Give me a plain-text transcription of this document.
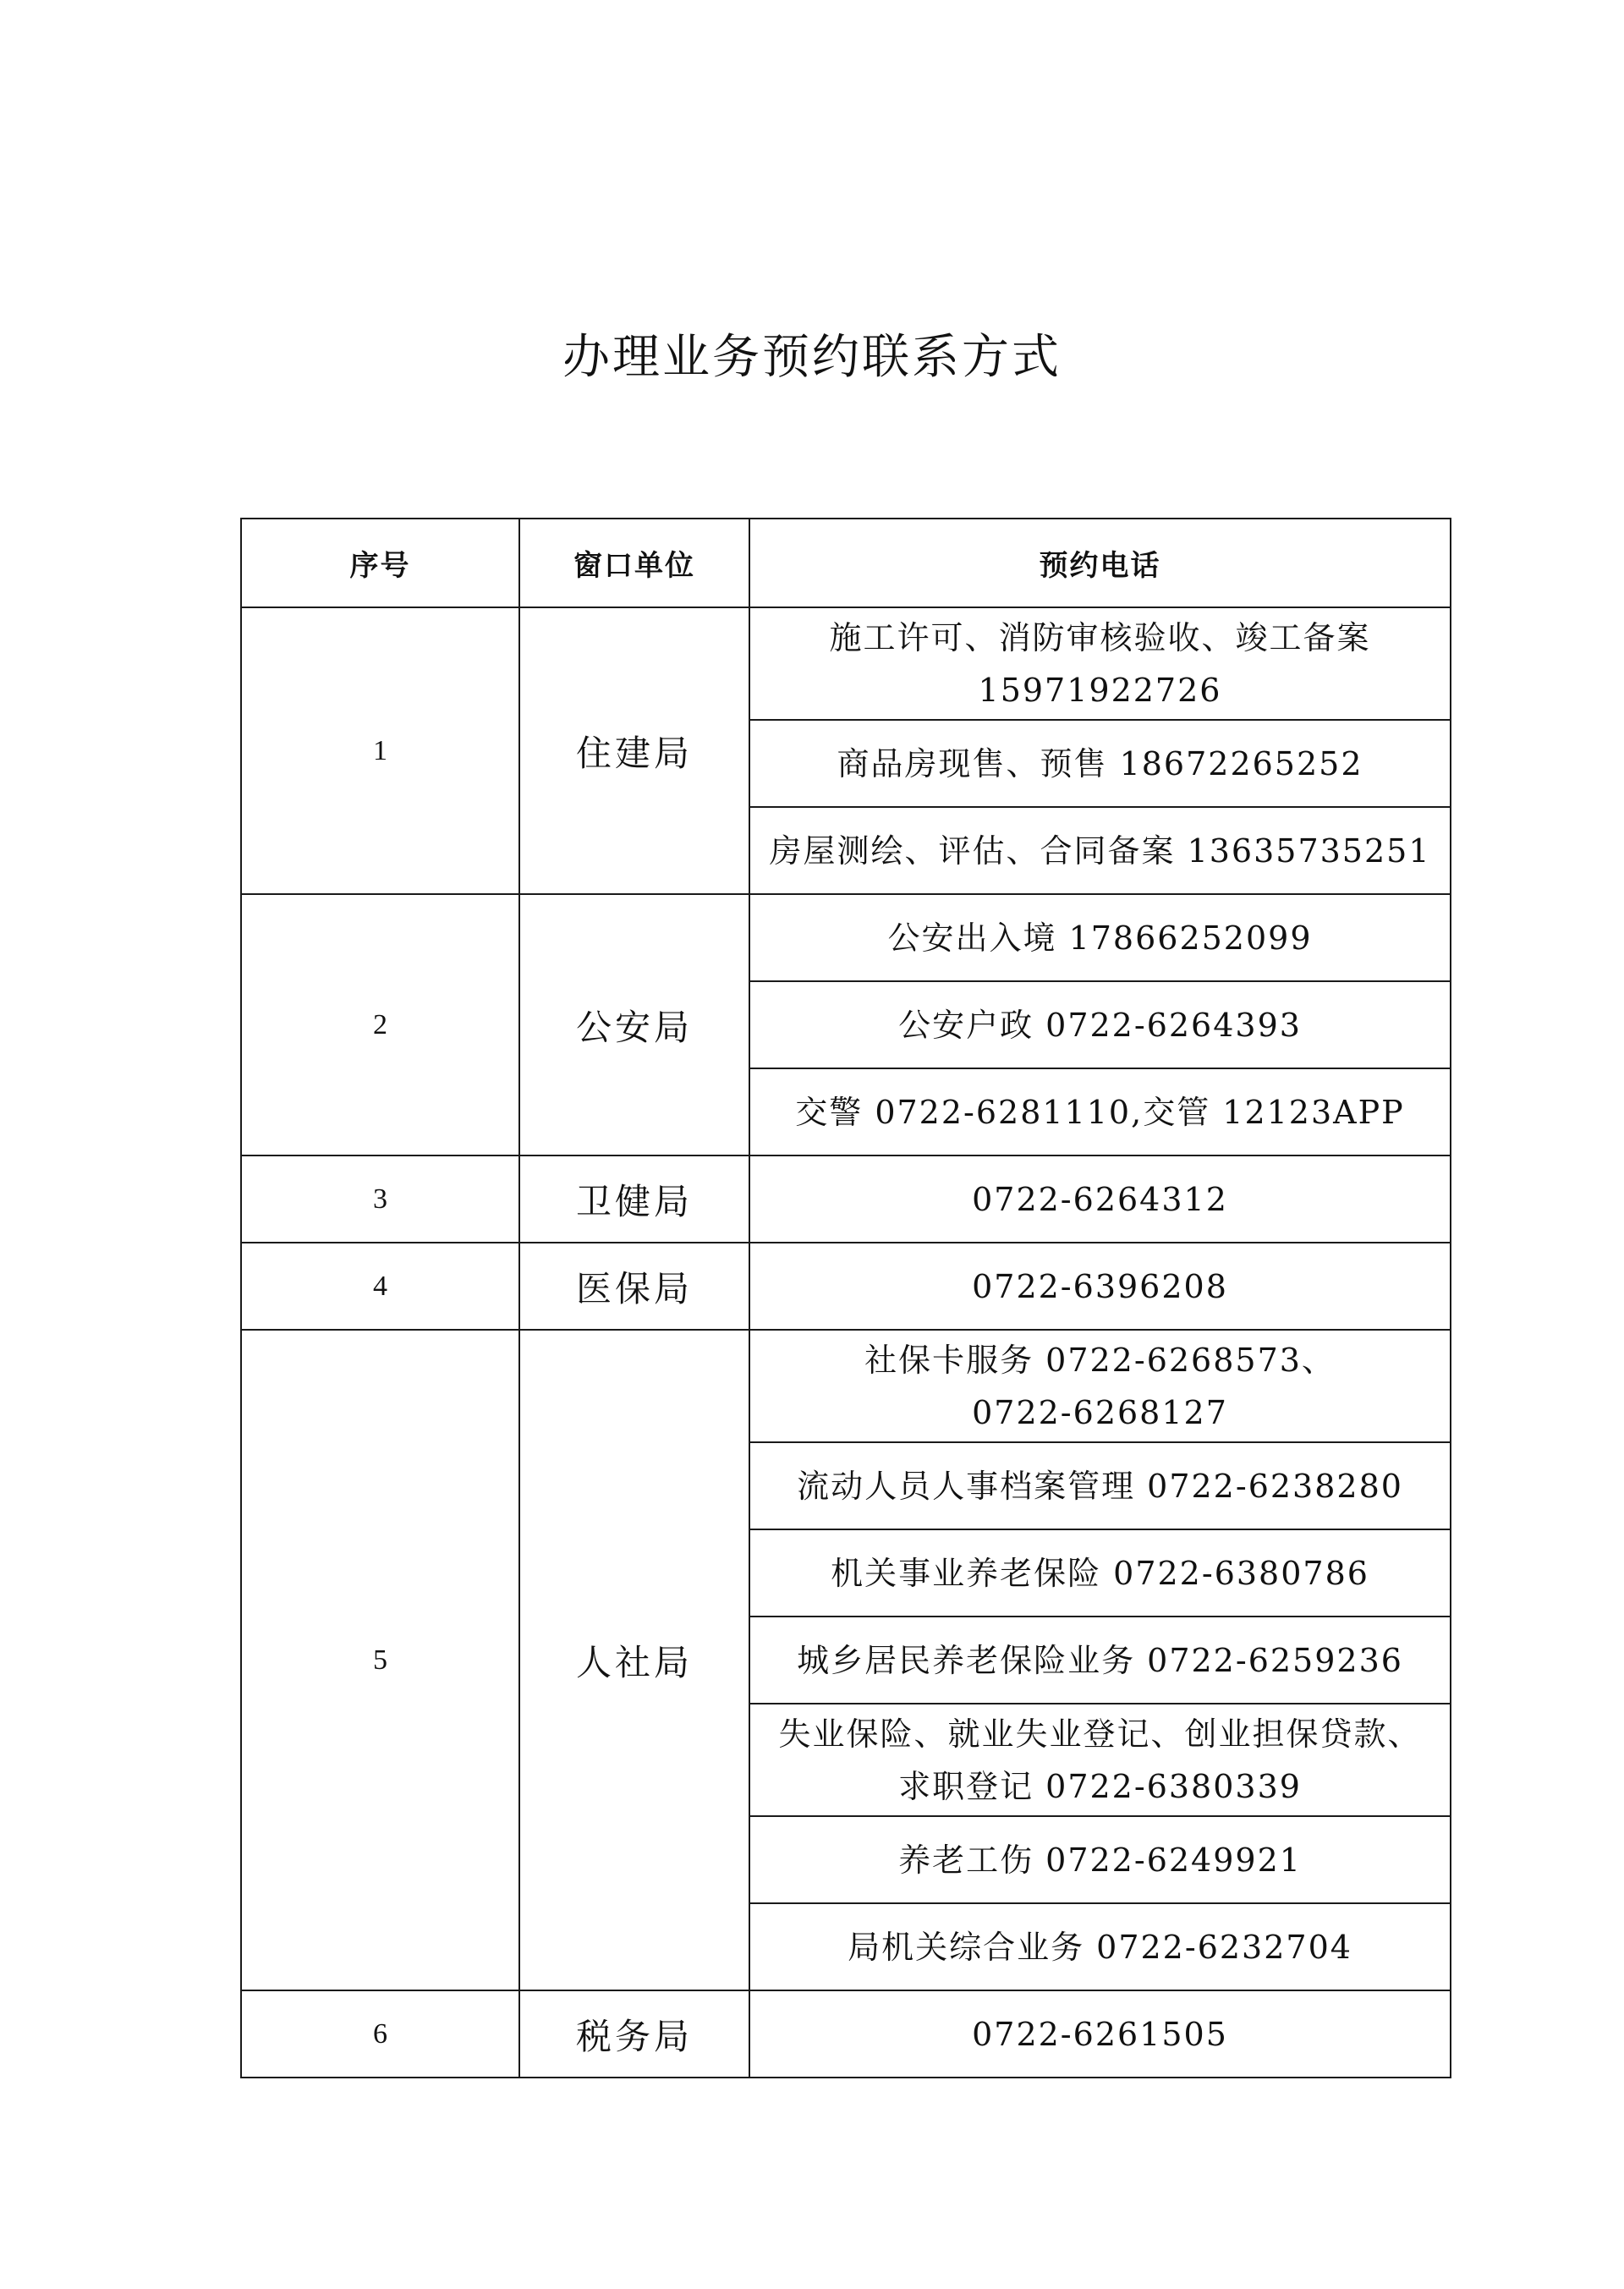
办理业务预约联系方式
序号	窗口单位	预约电话
1	住建局	施工许可、消防审核验收、竣工备案
15971922726

		商品房现售、预售 18672265252
		房屋测绘、评估、合同备案 13635735251
2	公安局	公安出入境 17866252099
		公安户政 0722-6264393
		交警 0722-6281110,交管 12123APP
3	卫健局	0722-6264312
4	医保局	0722-6396208
5	人社局	社保卡服务 0722-6268573、
0722-6268127

		流动人员人事档案管理 0722-6238280
		机关事业养老保险 0722-6380786
		城乡居民养老保险业务 0722-6259236

		失业保险、就业失业登记、创业担保贷款、
求职登记 0722-6380339

		养老工伤 0722-6249921
		局机关综合业务 0722-6232704
6	税务局	0722-6261505
